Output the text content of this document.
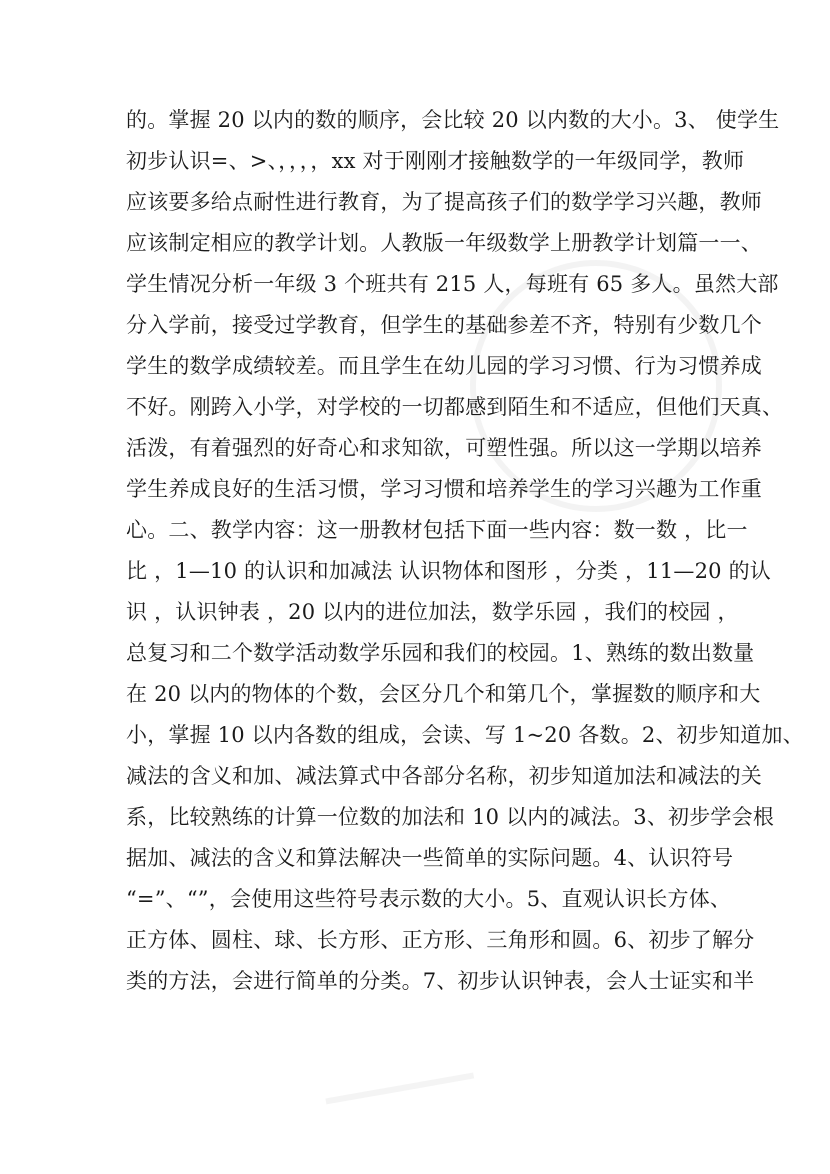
的。掌握 20 以内的数的顺序，会比较 20 以内数的大小。3、 使学生
初步认识=、>、，，，，xx 对于刚刚才接触数学的一年级同学，教师
应该要多给点耐性进行教育，为了提高孩子们的数学学习兴趣，教师
应该制定相应的教学计划。人教版一年级数学上册教学计划篇一一、
学生情况分析一年级 3 个班共有 215 人，每班有 65 多人。虽然大部
分入学前，接受过学教育，但学生的基础参差不齐，特别有少数几个
学生的数学成绩较差。而且学生在幼儿园的学习习惯、行为习惯养成
不好。刚跨入小学，对学校的一切都感到陌生和不适应，但他们天真、
活泼，有着强烈的好奇心和求知欲，可塑性强。所以这一学期以培养
学生养成良好的生活习惯，学习习惯和培养学生的学习兴趣为工作重
心。二、教学内容：这一册教材包括下面一些内容：数一数 ，比一
比 ，1—10 的认识和加减法 认识物体和图形 ，分类 ，11—20 的认
识 ，认识钟表 ，20 以内的进位加法，数学乐园 ，我们的校园 ，
总复习和二个数学活动数学乐园和我们的校园。1、熟练的数出数量
在 20 以内的物体的个数，会区分几个和第几个，掌握数的顺序和大
小，掌握 10 以内各数的组成，会读、写 1~20 各数。2、初步知道加、
减法的含义和加、减法算式中各部分名称，初步知道加法和减法的关
系，比较熟练的计算一位数的加法和 10 以内的减法。3、初步学会根
据加、减法的含义和算法解决一些简单的实际问题。4、认识符号
“=”、“”，会使用这些符号表示数的大小。5、直观认识长方体、
正方体、圆柱、球、长方形、正方形、三角形和圆。6、初步了解分
类的方法，会进行简单的分类。7、初步认识钟表，会人士证实和半
